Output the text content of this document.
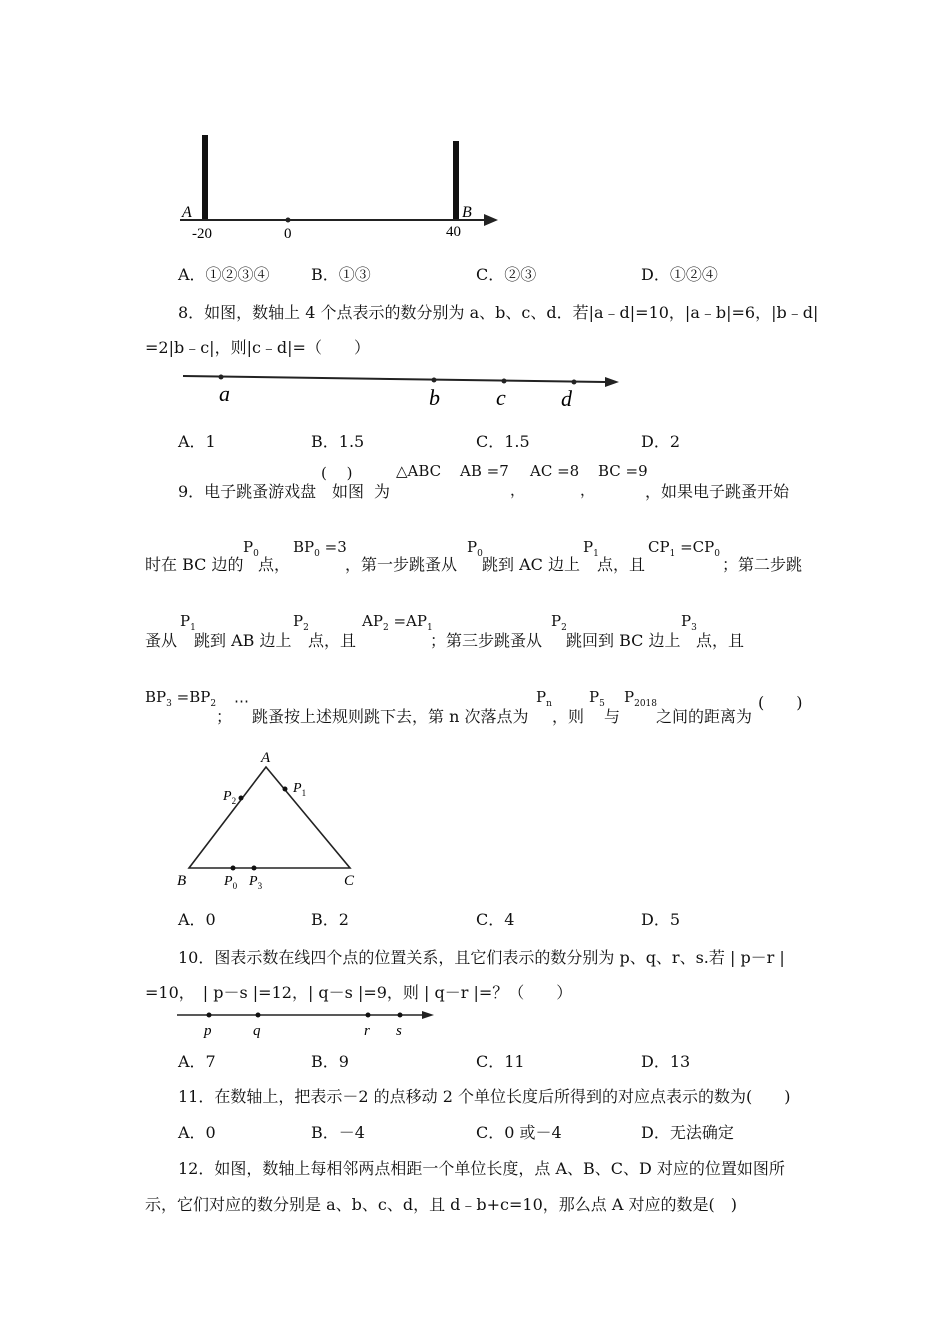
A	B
-20	0	40
A．①②③④	B．①③	C．②③	D．①②④
8．如图，数轴上 4 个点表示的数分别为 a、b、c、d．若|a﹣d|=10，|a﹣b|=6，|b﹣d|
=2|b﹣c|，则|c﹣d|=（　　）
a	b	c	d
A．1	B．1.5	C．1.5	D．2
9．电子跳蚤游戏盘
(　 )
如图 为
△ABC AB =7
，
AC =8
，
BC =9
，如果电子跳蚤开始
时在 BC 边的
$P_0$
点，
$BP_0 =3$
，第一步跳蚤从
$P_0$
跳到 AC 边上
$P_1$
点，且
$CP_1 =CP_0$
；第二步跳
蚤从
$P_1$
跳到 AB 边上
$P_2$
点，且
$AP_2 =AP_1$
；第三步跳蚤从
$P_2$
跳回到 BC 边上
$P_3$
点，且
$BP_3 =BP_2$
；
⋯
跳蚤按上述规则跳下去，第 n 次落点为
$P_n$
，则
$P_5$
与
$P_{2018}$
之间的距离为
(　　)
A
B	C
$P_2$
$P_1$
$P_0$ $P_3$
A．0	B．2	C．4	D．5
10．图表示数在线四个点的位置关系，且它们表示的数分别为 p、q、r、s.若 | p－r |
=10，　| p－s |=12，| q－s |=9，则 | q－r |=？（　　）
p	q	r s
A．7	B．9	C．11	D．13
11．在数轴上，把表示－2 的点移动 2 个单位长度后所得到的对应点表示的数为(　　)
A．0	B．－4	C．0 或－4	D．无法确定
12．如图，数轴上每相邻两点相距一个单位长度，点 A、B、C、D 对应的位置如图所
示，它们对应的数分别是 a、b、c、d，且 d﹣b+c=10，那么点 A 对应的数是(　)
